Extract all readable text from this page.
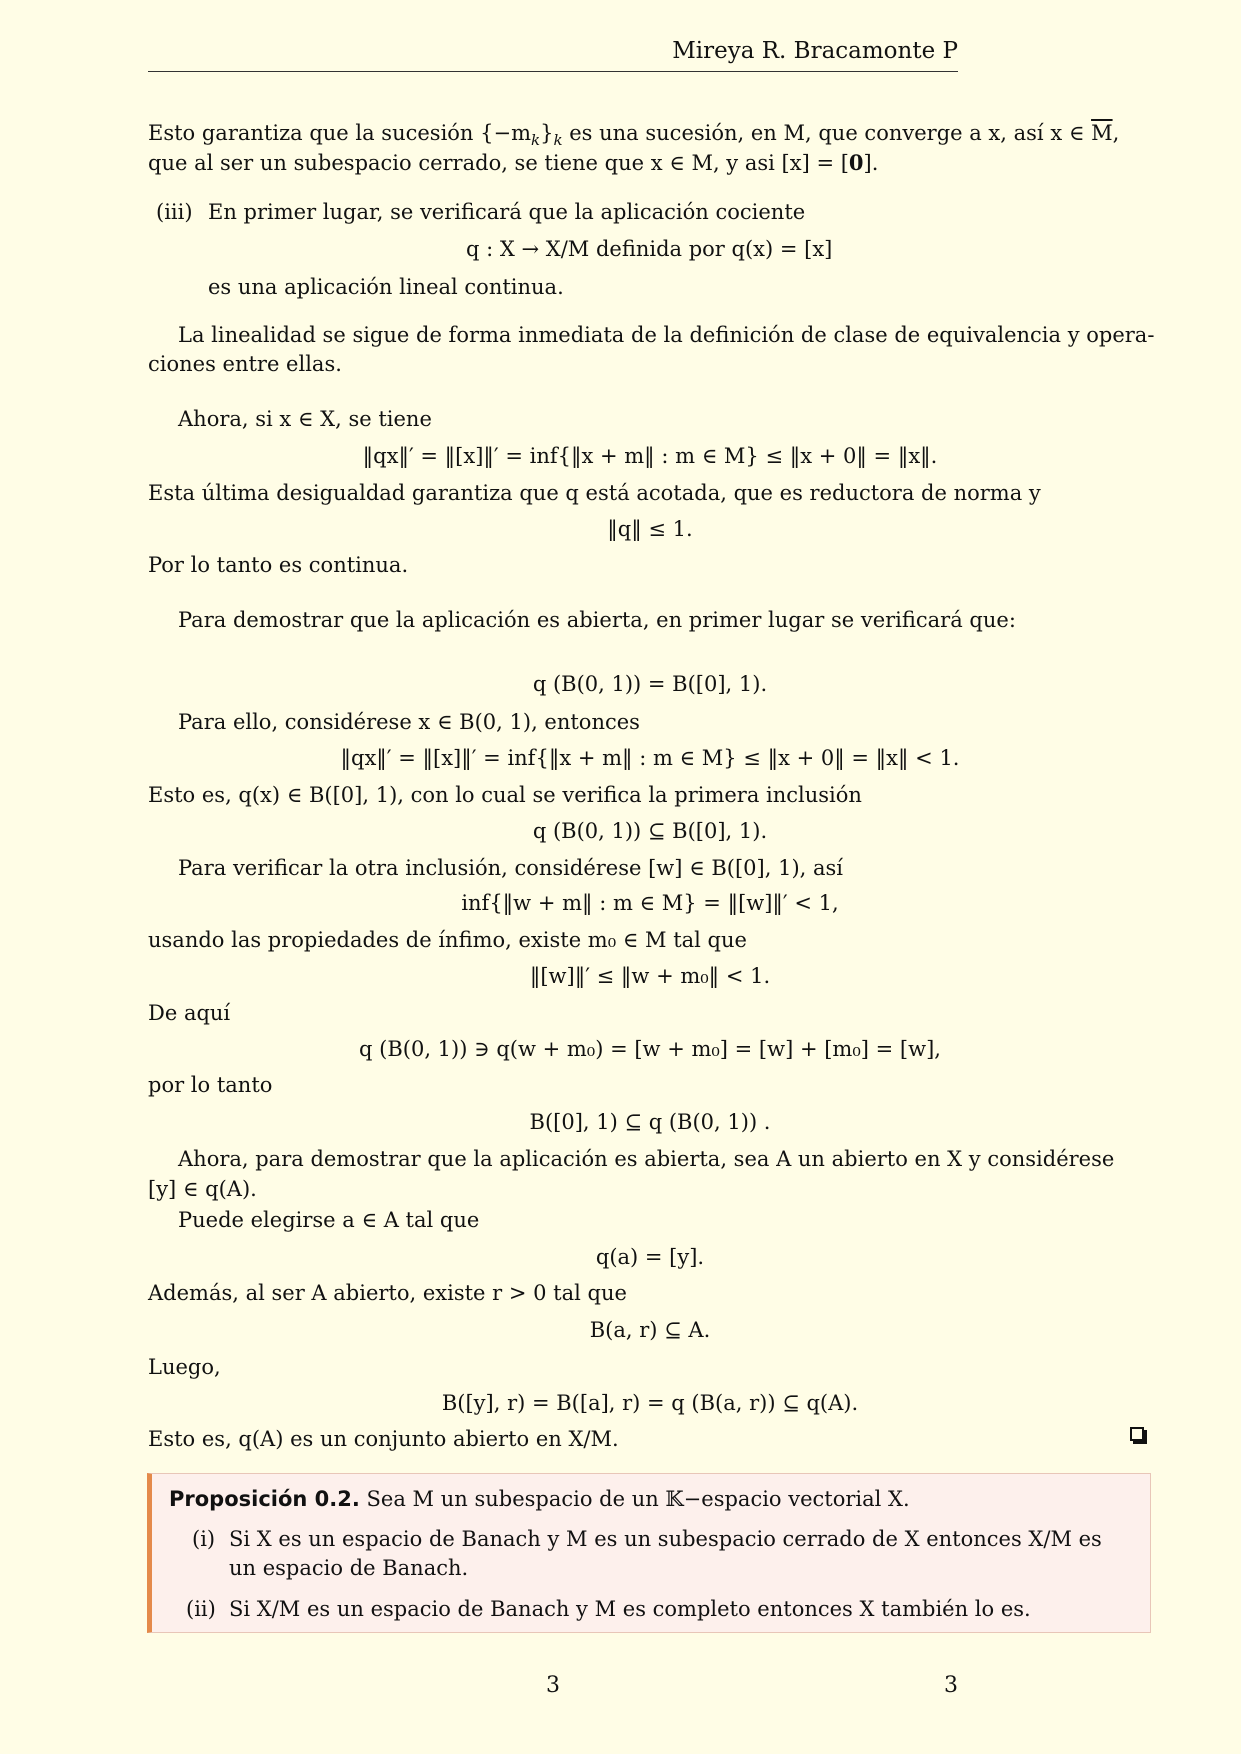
Mireya R. Bracamonte P
Esto garantiza que la sucesión $\{-m_k\}_k$ es una sucesión, en M, que converge a x, así x ∈ $\overline{M}$,
que al ser un subespacio cerrado, se tiene que x ∈ M, y asi [x] = [0].
(iii) En primer lugar, se verificará que la aplicación cociente
q : X → X/M definida por q(x) = [x]
es una aplicación lineal continua.
La linealidad se sigue de forma inmediata de la definición de clase de equivalencia y opera-
ciones entre ellas.
Ahora, si x ∈ X, se tiene
‖qx‖′ = ‖[x]‖′ = inf{‖x + m‖ : m ∈ M} ≤ ‖x + 0‖ = ‖x‖.
Esta última desigualdad garantiza que q está acotada, que es reductora de norma y
‖q‖ ≤ 1.
Por lo tanto es continua.
Para demostrar que la aplicación es abierta, en primer lugar se verificará que:
q (B(0, 1)) = B([0], 1).
Para ello, considérese x ∈ B(0, 1), entonces
‖qx‖′ = ‖[x]‖′ = inf{‖x + m‖ : m ∈ M} ≤ ‖x + 0‖ = ‖x‖ < 1.
Esto es, q(x) ∈ B([0], 1), con lo cual se verifica la primera inclusión
q (B(0, 1)) ⊆ B([0], 1).
Para verificar la otra inclusión, considérese [w] ∈ B([0], 1), así
inf{‖w + m‖ : m ∈ M} = ‖[w]‖′ < 1,
usando las propiedades de ínfimo, existe m₀ ∈ M tal que
‖[w]‖′ ≤ ‖w + m₀‖ < 1.
De aquí
q (B(0, 1)) ∋ q(w + m₀) = [w + m₀] = [w] + [m₀] = [w],
por lo tanto
B([0], 1) ⊆ q (B(0, 1)) .
Ahora, para demostrar que la aplicación es abierta, sea A un abierto en X y considérese
[y] ∈ q(A).
Puede elegirse a ∈ A tal que
q(a) = [y].
Además, al ser A abierto, existe r > 0 tal que
B(a, r) ⊆ A.
Luego,
B([y], r) = B([a], r) = q (B(a, r)) ⊆ q(A).
Esto es, q(A) es un conjunto abierto en X/M.
Proposición 0.2. Sea M un subespacio de un 𝕂−espacio vectorial X.
(i) Si X es un espacio de Banach y M es un subespacio cerrado de X entonces X/M es
un espacio de Banach.
(ii) Si X/M es un espacio de Banach y M es completo entonces X también lo es.
3	3
